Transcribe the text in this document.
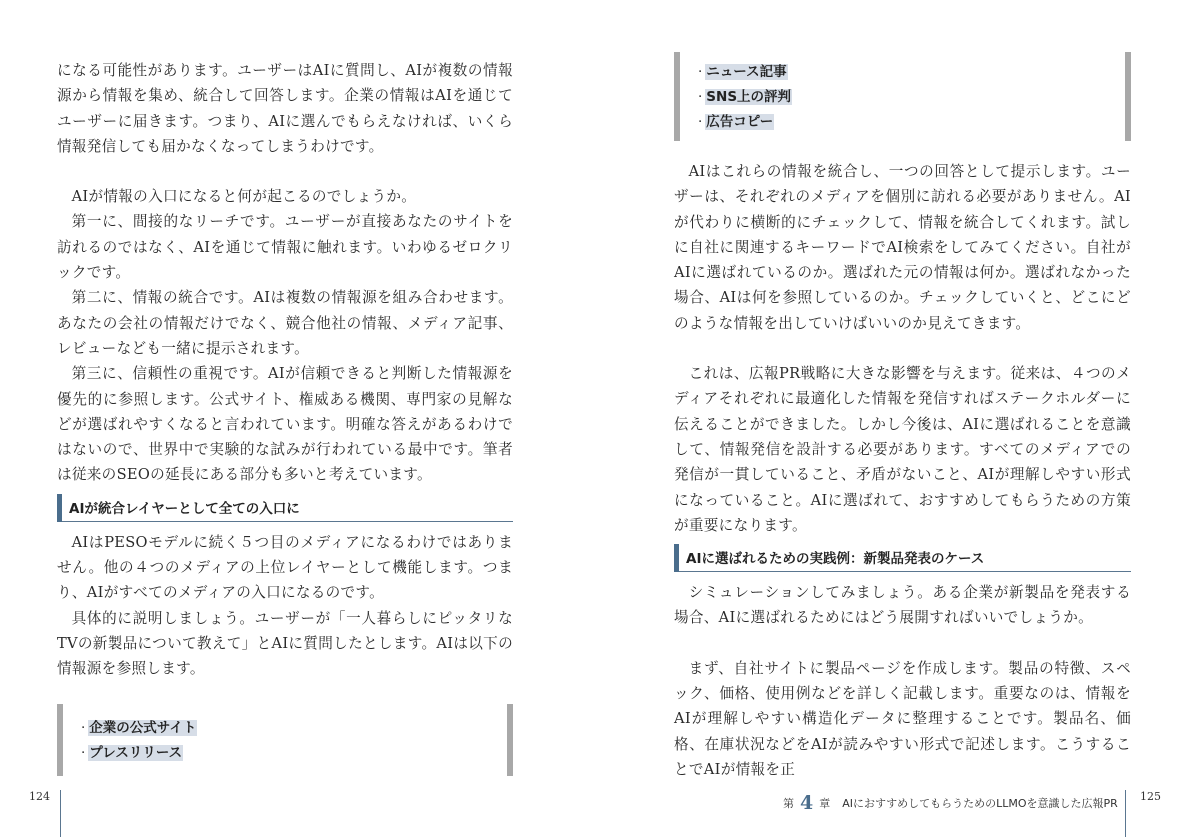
になる可能性があります。ユーザーはAIに質問し、AIが複数の情報源から情報を集め、統合して回答します。企業の情報はAIを通じてユーザーに届きます。つまり、AIに選んでもらえなければ、いくら情報発信しても届かなくなってしまうわけです。

AIが情報の入口になると何が起こるのでしょうか。

第一に、間接的なリーチです。ユーザーが直接あなたのサイトを訪れるのではなく、AIを通じて情報に触れます。いわゆるゼロクリックです。

第二に、情報の統合です。AIは複数の情報源を組み合わせます。あなたの会社の情報だけでなく、競合他社の情報、メディア記事、レビューなども一緒に提示されます。

第三に、信頼性の重視です。AIが信頼できると判断した情報源を優先的に参照します。公式サイト、権威ある機関、専門家の見解などが選ばれやすくなると言われています。明確な答えがあるわけではないので、世界中で実験的な試みが行われている最中です。筆者は従来のSEOの延長にある部分も多いと考えています。

AIが統合レイヤーとして全ての入口に

AIはPESOモデルに続く５つ目のメディアになるわけではありません。他の４つのメディアの上位レイヤーとして機能します。つまり、AIがすべてのメディアの入口になるのです。

具体的に説明しましょう。ユーザーが「一人暮らしにピッタリなTVの新製品について教えて」とAIに質問したとします。AIは以下の情報源を参照します。

· 企業の公式サイト
· プレスリリース
124
· ニュース記事
· SNS上の評判
· 広告コピー

AIはこれらの情報を統合し、一つの回答として提示します。ユーザーは、それぞれのメディアを個別に訪れる必要がありません。AIが代わりに横断的にチェックして、情報を統合してくれます。試しに自社に関連するキーワードでAI検索をしてみてください。自社がAIに選ばれているのか。選ばれた元の情報は何か。選ばれなかった場合、AIは何を参照しているのか。チェックしていくと、どこにどのような情報を出していけばいいのか見えてきます。

これは、広報PR戦略に大きな影響を与えます。従来は、４つのメディアそれぞれに最適化した情報を発信すればステークホルダーに伝えることができました。しかし今後は、AIに選ばれることを意識して、情報発信を設計する必要があります。すべてのメディアでの発信が一貫していること、矛盾がないこと、AIが理解しやすい形式になっていること。AIに選ばれて、おすすめしてもらうための方策が重要になります。

AIに選ばれるための実践例：新製品発表のケース

シミュレーションしてみましょう。ある企業が新製品を発表する場合、AIに選ばれるためにはどう展開すればいいでしょうか。

まず、自社サイトに製品ページを作成します。製品の特徴、スペック、価格、使用例などを詳しく記載します。重要なのは、情報をAIが理解しやすい構造化データに整理することです。製品名、価格、在庫状況などをAIが読みやすい形式で記述します。こうすることでAIが情報を正

第 4 章 AIにおすすめしてもらうためのLLMOを意識した広報PR
125
